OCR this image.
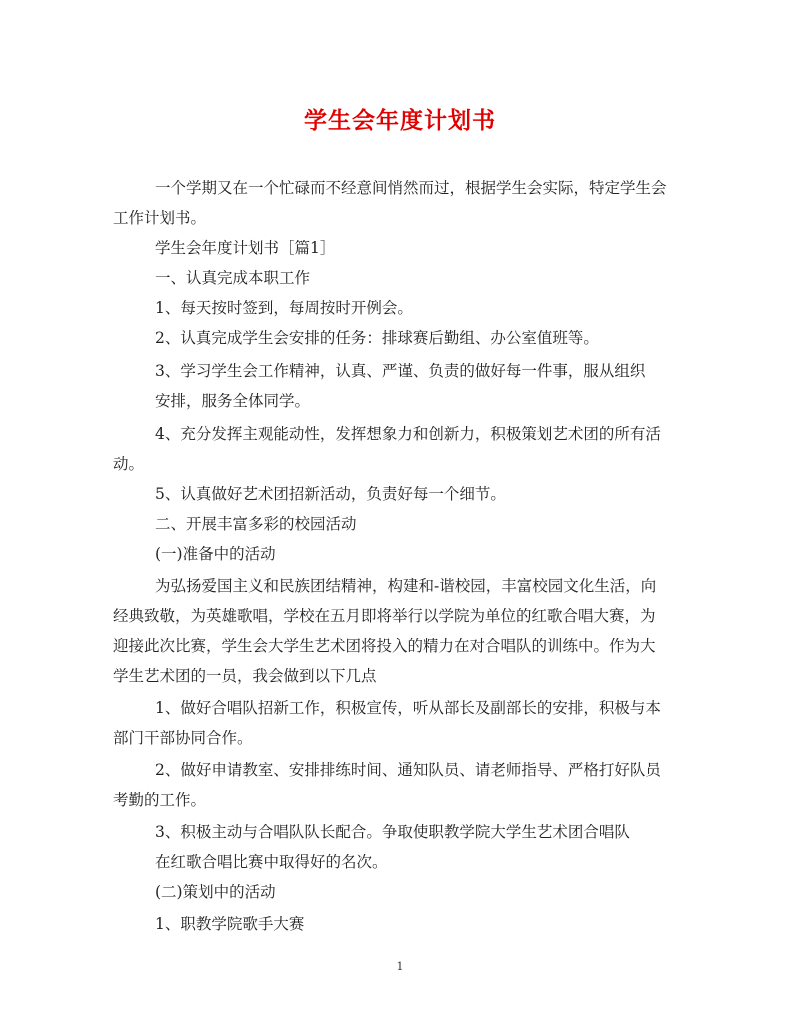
学生会年度计划书
一个学期又在一个忙碌而不经意间悄然而过，根据学生会实际，特定学生会
工作计划书。
学生会年度计划书［篇1］
一、认真完成本职工作
1、每天按时签到，每周按时开例会。
2、认真完成学生会安排的任务：排球赛后勤组、办公室值班等。
3、学习学生会工作精神，认真、严谨、负责的做好每一件事，服从组织
安排，服务全体同学。
4、充分发挥主观能动性，发挥想象力和创新力，积极策划艺术团的所有活
动。
5、认真做好艺术团招新活动，负责好每一个细节。
二、开展丰富多彩的校园活动
(一)准备中的活动
为弘扬爱国主义和民族团结精神，构建和-谐校园，丰富校园文化生活，向
经典致敬，为英雄歌唱，学校在五月即将举行以学院为单位的红歌合唱大赛，为
迎接此次比赛，学生会大学生艺术团将投入的精力在对合唱队的训练中。作为大
学生艺术团的一员，我会做到以下几点
1、做好合唱队招新工作，积极宣传，听从部长及副部长的安排，积极与本
部门干部协同合作。
2、做好申请教室、安排排练时间、通知队员、请老师指导、严格打好队员
考勤的工作。
3、积极主动与合唱队队长配合。争取使职教学院大学生艺术团合唱队
在红歌合唱比赛中取得好的名次。
(二)策划中的活动
1、职教学院歌手大赛
1
